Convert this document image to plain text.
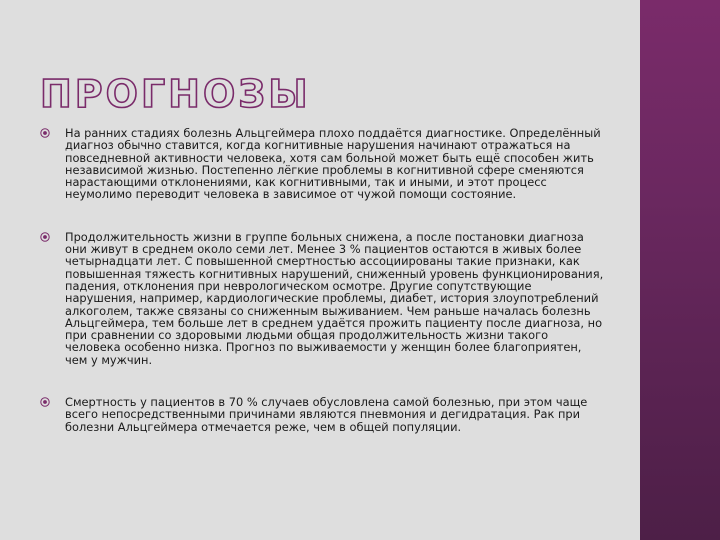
ПРОГНОЗЫ
На ранних стадиях болезнь Альцгеймера плохо поддаётся диагностике. Определённый диагноз обычно ставится, когда когнитивные нарушения начинают отражаться на повседневной активности человека, хотя сам больной может быть ещё способен жить независимой жизнью. Постепенно лёгкие проблемы в когнитивной сфере сменяются нарастающими отклонениями, как когнитивными, так и иными, и этот процесс неумолимо переводит человека в зависимое от чужой помощи состояние.
Продолжительность жизни в группе больных снижена, а после постановки диагноза они живут в среднем около семи лет. Менее 3 % пациентов остаются в живых более четырнадцати лет. С повышенной смертностью ассоциированы такие признаки, как повышенная тяжесть когнитивных нарушений, сниженный уровень функционирования, падения, отклонения при неврологическом осмотре. Другие сопутствующие нарушения, например, кардиологические проблемы, диабет, история злоупотреблений алкоголем, также связаны со сниженным выживанием. Чем раньше началась болезнь Альцгеймера, тем больше лет в среднем удаётся прожить пациенту после диагноза, но при сравнении со здоровыми людьми общая продолжительность жизни такого человека особенно низка. Прогноз по выживаемости у женщин более благоприятен, чем у мужчин.
Смертность у пациентов в 70 % случаев обусловлена самой болезнью, при этом чаще всего непосредственными причинами являются пневмония и дегидратация. Рак при болезни Альцгеймера отмечается реже, чем в общей популяции.
